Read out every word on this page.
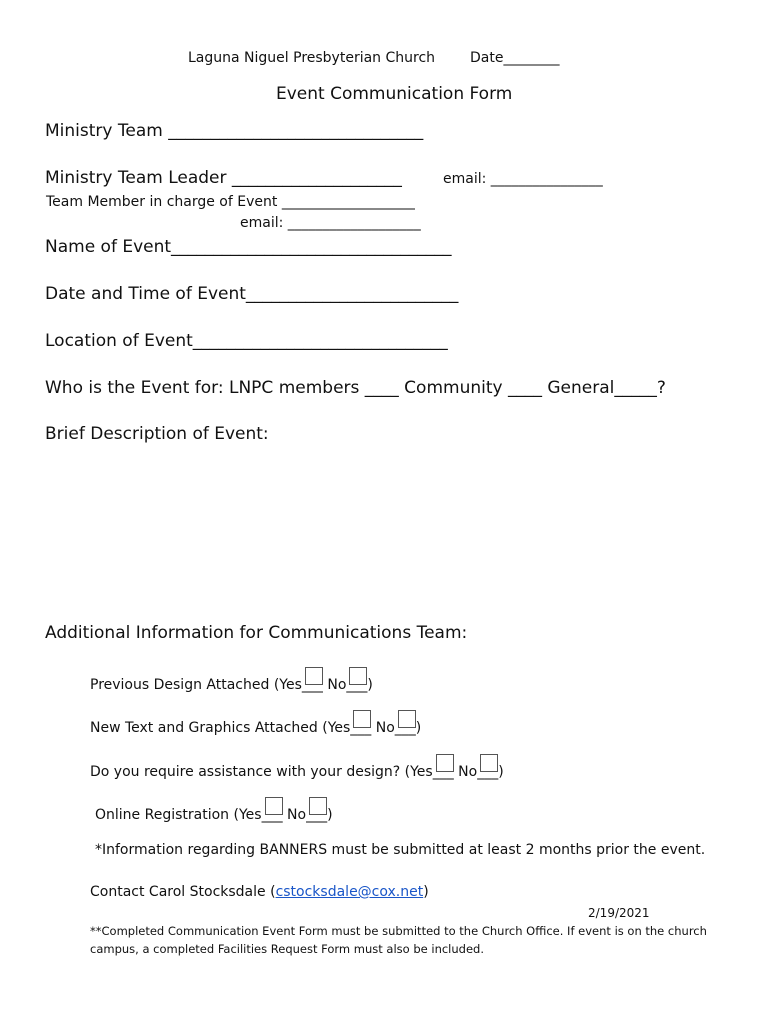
Laguna Niguel Presbyterian Church Date________
Event Communication Form
Ministry Team ______________________________
Ministry Team Leader ____________________	email: ________________
Team Member in charge of Event ___________________
email: ___________________
Name of Event_________________________________
Date and Time of Event_________________________
Location of Event______________________________
Who is the Event for: LNPC members ____ Community ____ General_____?
Brief Description of Event:
Additional Information for Communications Team:
Previous Design Attached (Yes___ No___)
New Text and Graphics Attached (Yes___ No___)
Do you require assistance with your design? (Yes___ No___)
Online Registration (Yes___ No___)
*Information regarding BANNERS must be submitted at least 2 months prior the event.
Contact Carol Stocksdale (cstocksdale@cox.net)
2/19/2021
**Completed Communication Event Form must be submitted to the Church Office. If event is on the church
campus, a completed Facilities Request Form must also be included.
